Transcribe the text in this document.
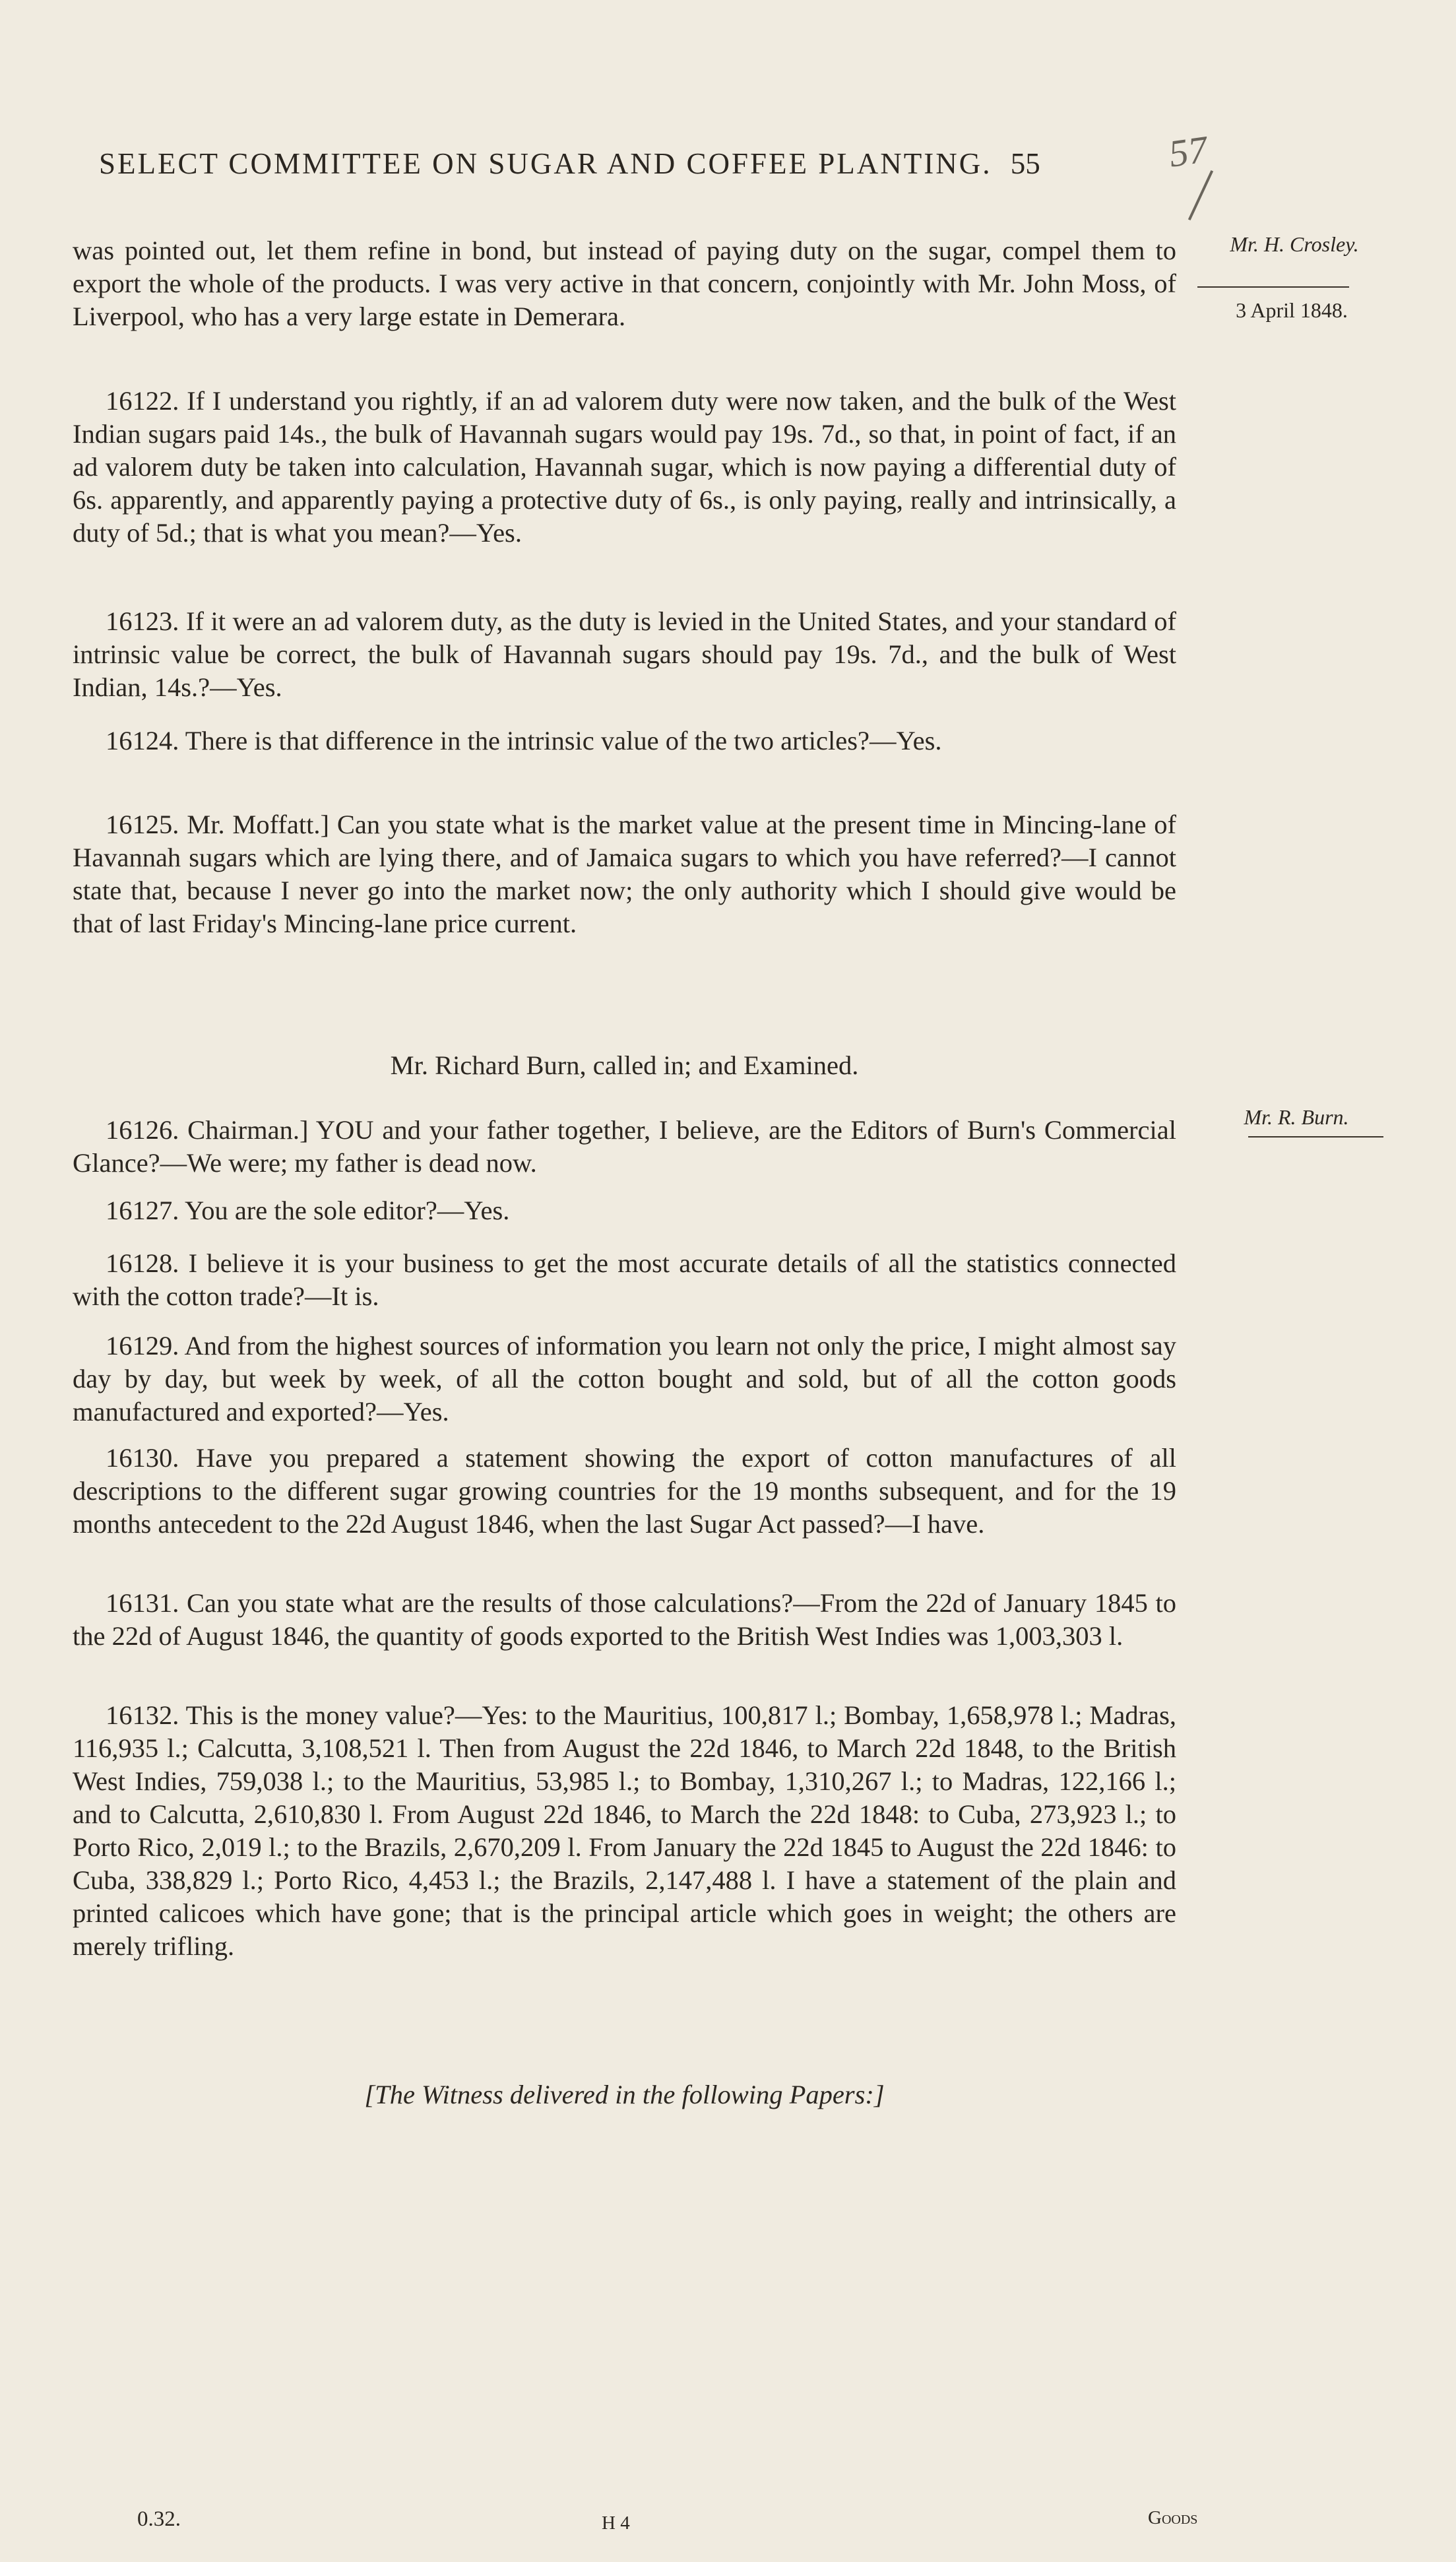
SELECT COMMITTEE ON SUGAR AND COFFEE PLANTING. 55	57
Mr. H. Crosley.
3 April 1848.
Mr. R. Burn.
was pointed out, let them refine in bond, but instead of paying duty on the sugar, compel them to export the whole of the products. I was very active in that concern, conjointly with Mr. John Moss, of Liverpool, who has a very large estate in Demerara.
16122. If I understand you rightly, if an ad valorem duty were now taken, and the bulk of the West Indian sugars paid 14s., the bulk of Havannah sugars would pay 19s. 7d., so that, in point of fact, if an ad valorem duty be taken into calculation, Havannah sugar, which is now paying a differential duty of 6s. apparently, and apparently paying a protective duty of 6s., is only paying, really and intrinsically, a duty of 5d.; that is what you mean?—Yes.
16123. If it were an ad valorem duty, as the duty is levied in the United States, and your standard of intrinsic value be correct, the bulk of Havannah sugars should pay 19s. 7d., and the bulk of West Indian, 14s.?—Yes.
16124. There is that difference in the intrinsic value of the two articles?—Yes.
16125. Mr. Moffatt.] Can you state what is the market value at the present time in Mincing-lane of Havannah sugars which are lying there, and of Jamaica sugars to which you have referred?—I cannot state that, because I never go into the market now; the only authority which I should give would be that of last Friday's Mincing-lane price current.
Mr. Richard Burn, called in; and Examined.
16126. Chairman.] YOU and your father together, I believe, are the Editors of Burn's Commercial Glance?—We were; my father is dead now.
16127. You are the sole editor?—Yes.
16128. I believe it is your business to get the most accurate details of all the statistics connected with the cotton trade?—It is.
16129. And from the highest sources of information you learn not only the price, I might almost say day by day, but week by week, of all the cotton bought and sold, but of all the cotton goods manufactured and exported?—Yes.
16130. Have you prepared a statement showing the export of cotton manufactures of all descriptions to the different sugar growing countries for the 19 months subsequent, and for the 19 months antecedent to the 22d August 1846, when the last Sugar Act passed?—I have.
16131. Can you state what are the results of those calculations?—From the 22d of January 1845 to the 22d of August 1846, the quantity of goods exported to the British West Indies was 1,003,303 l.
16132. This is the money value?—Yes: to the Mauritius, 100,817 l.; Bombay, 1,658,978 l.; Madras, 116,935 l.; Calcutta, 3,108,521 l. Then from August the 22d 1846, to March 22d 1848, to the British West Indies, 759,038 l.; to the Mauritius, 53,985 l.; to Bombay, 1,310,267 l.; to Madras, 122,166 l.; and to Calcutta, 2,610,830 l. From August 22d 1846, to March the 22d 1848: to Cuba, 273,923 l.; to Porto Rico, 2,019 l.; to the Brazils, 2,670,209 l. From January the 22d 1845 to August the 22d 1846: to Cuba, 338,829 l.; Porto Rico, 4,453 l.; the Brazils, 2,147,488 l. I have a statement of the plain and printed calicoes which have gone; that is the principal article which goes in weight; the others are merely trifling.
[The Witness delivered in the following Papers:]
0.32.	H 4	Goods
